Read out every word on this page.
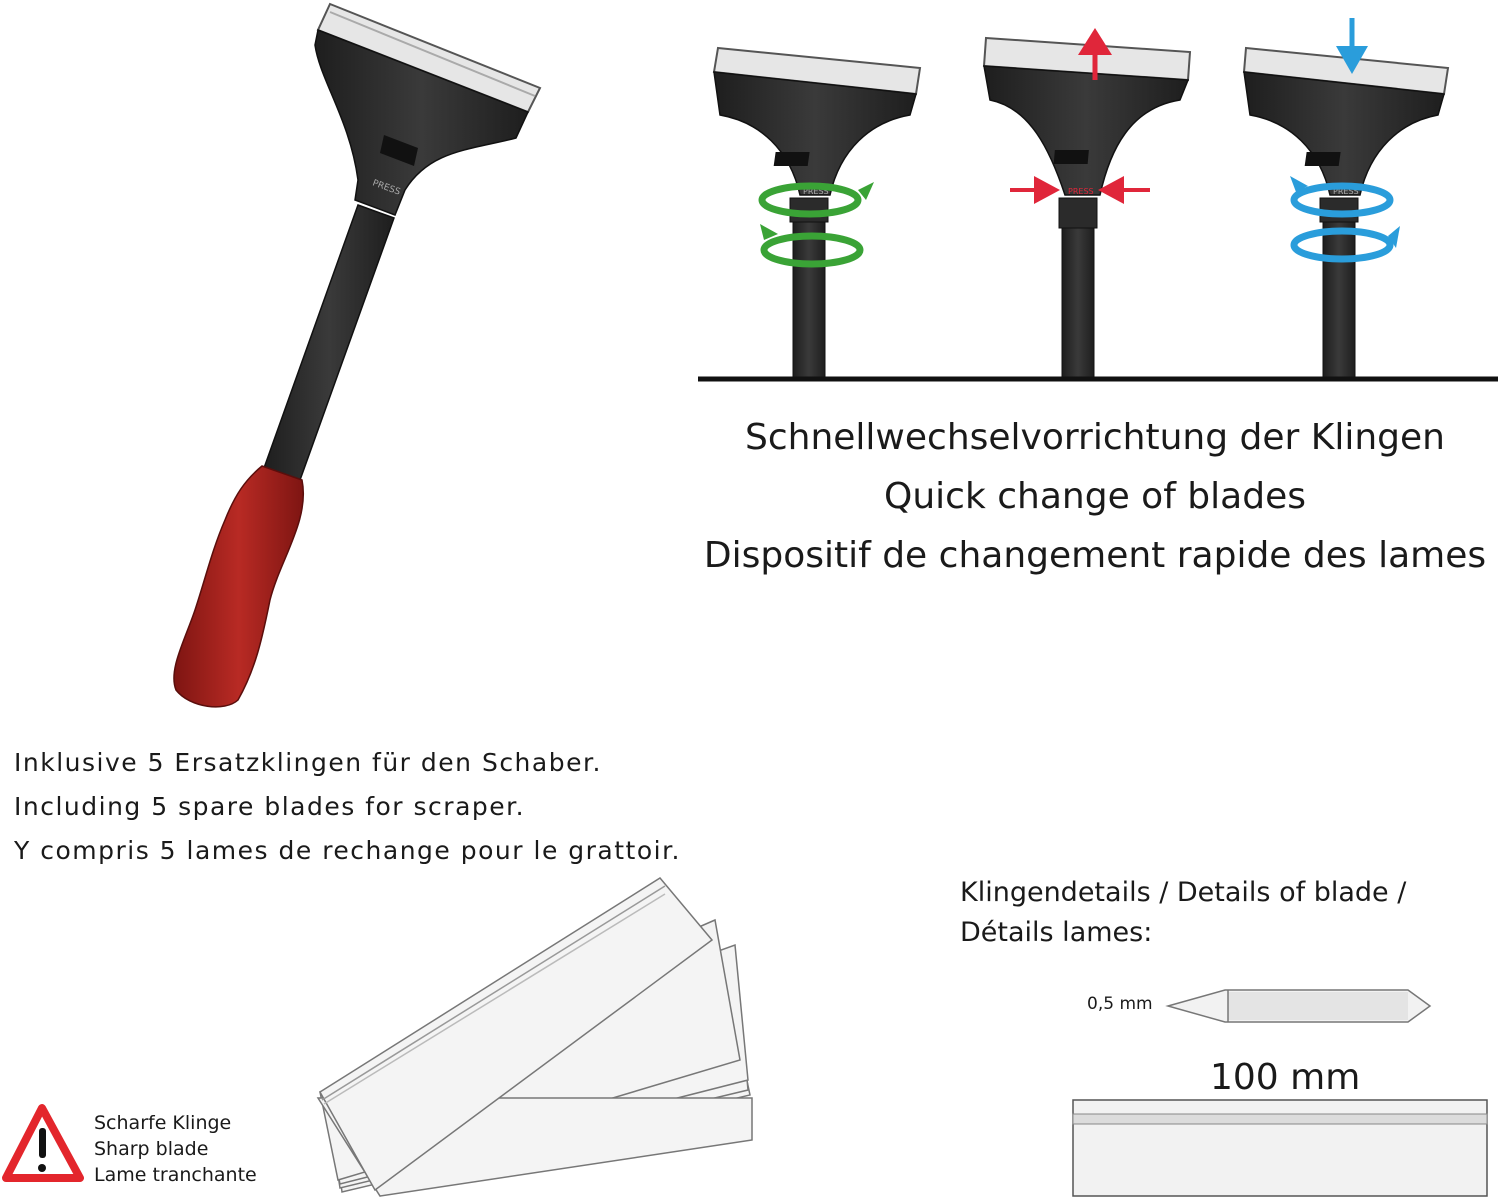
PRESS	PRESS	PRESS	PRESS
Schnellwechselvorrichtung der Klingen
Quick change of blades
Dispositif de changement rapide des lames
Inklusive 5 Ersatzklingen für den Schaber.
Including 5 spare blades for scraper.
Y compris 5 lames de rechange pour le grattoir.
Klingendetails / Details of blade /
Détails lames:
0,5 mm
100 mm
Scharfe Klinge
Sharp blade
Lame tranchante
